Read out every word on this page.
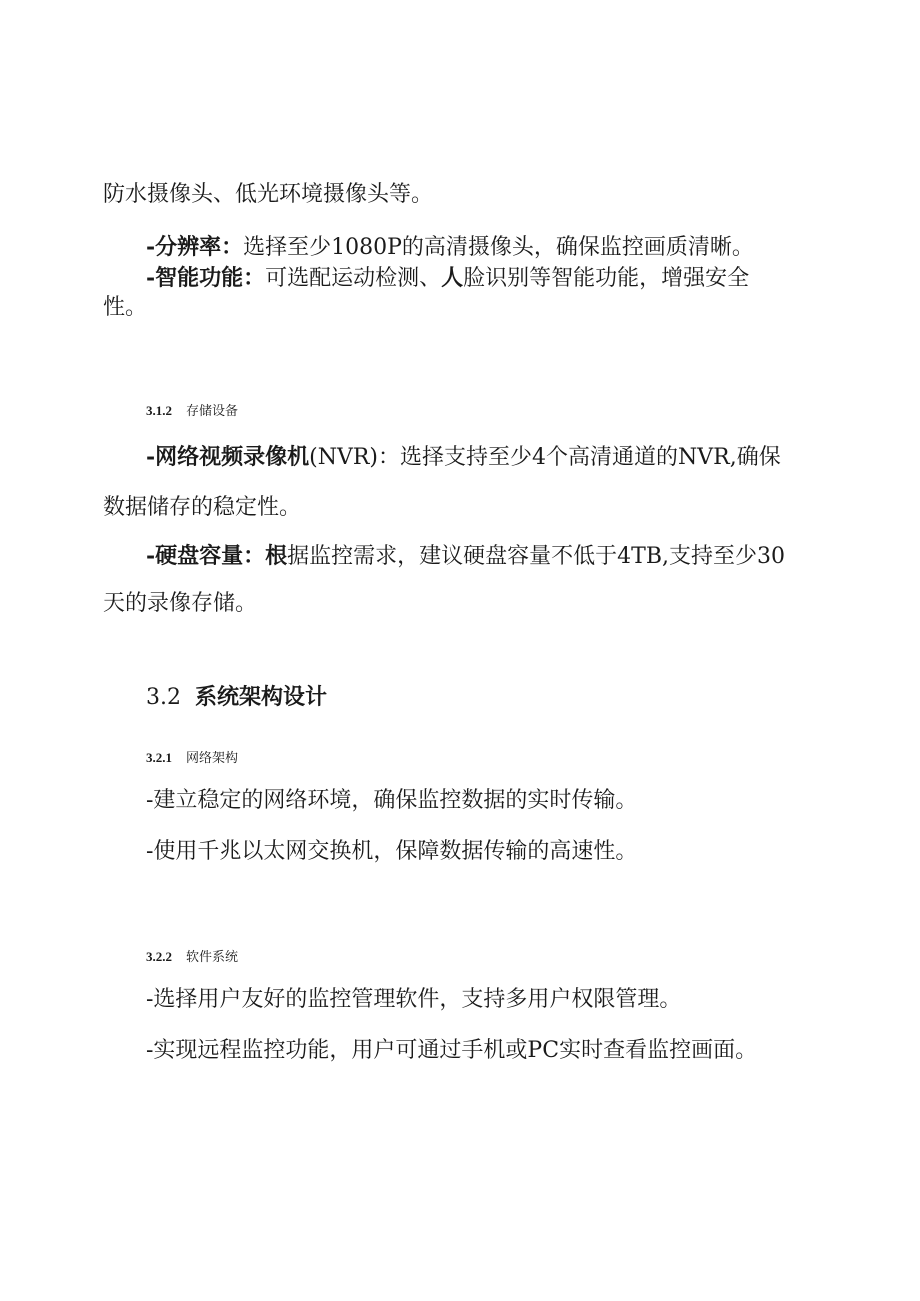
防水摄像头、低光环境摄像头等。
-分辨率：选择至少1080P的高清摄像头，确保监控画质清晰。
-智能功能：可选配运动检测、人脸识别等智能功能，增强安全
性。
3.1.2 存储设备
-网络视频录像机(NVR)：选择支持至少4个高清通道的NVR,确保
数据储存的稳定性。
-硬盘容量：根据监控需求，建议硬盘容量不低于4TB,支持至少30
天的录像存储。
3.2 系统架构设计
3.2.1 网络架构
-建立稳定的网络环境，确保监控数据的实时传输。
-使用千兆以太网交换机，保障数据传输的高速性。
3.2.2 软件系统
-选择用户友好的监控管理软件，支持多用户权限管理。
-实现远程监控功能，用户可通过手机或PC实时查看监控画面。
